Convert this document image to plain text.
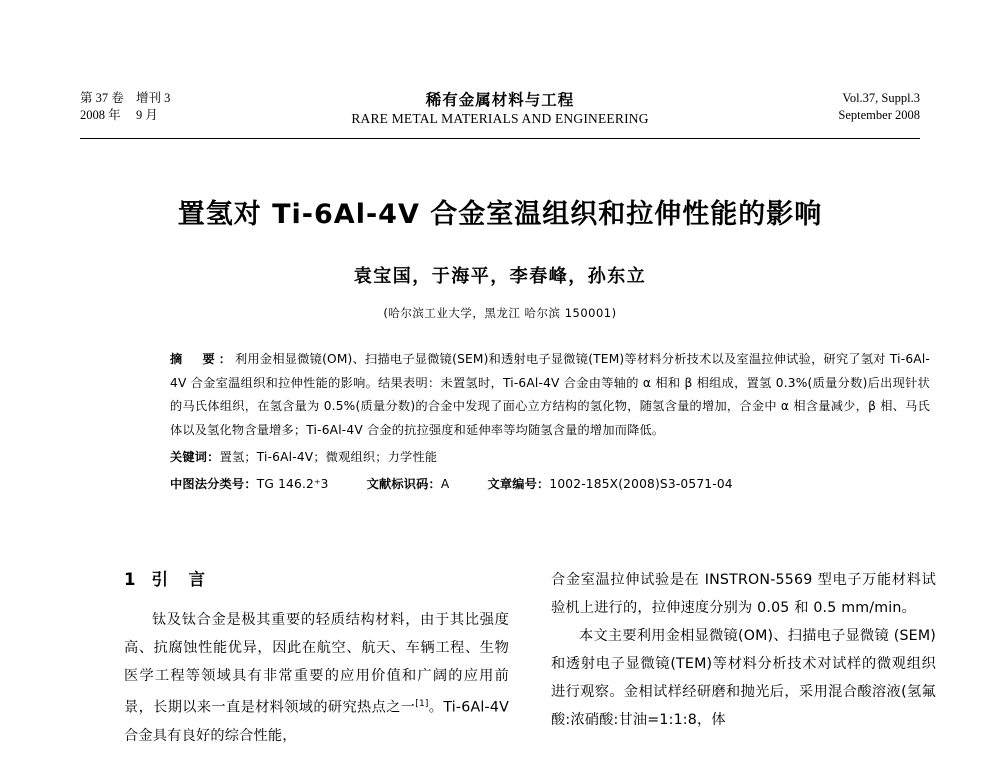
第 37 卷 增刊 3
2008 年 9 月
稀有金属材料与工程
RARE METAL MATERIALS AND ENGINEERING
Vol.37, Suppl.3
September 2008
置氢对 Ti-6Al-4V 合金室温组织和拉伸性能的影响
袁宝国，于海平，李春峰，孙东立
(哈尔滨工业大学，黑龙江 哈尔滨 150001)
摘　要：利用金相显微镜(OM)、扫描电子显微镜(SEM)和透射电子显微镜(TEM)等材料分析技术以及室温拉伸试验，研究了氢对 Ti-6Al-4V 合金室温组织和拉伸性能的影响。结果表明：未置氢时，Ti-6Al-4V 合金由等轴的 α 相和 β 相组成，置氢 0.3%(质量分数)后出现针状的马氏体组织，在氢含量为 0.5%(质量分数)的合金中发现了面心立方结构的氢化物，随氢含量的增加，合金中 α 相含量减少，β 相、马氏体以及氢化物含量增多；Ti-6Al-4V 合金的抗拉强度和延伸率等均随氢含量的增加而降低。
关键词：置氢；Ti-6Al-4V；微观组织；力学性能
中图法分类号：TG 146.2⁺3	文献标识码：A	文章编号：1002-185X(2008)S3-0571-04
1 引　言
钛及钛合金是极其重要的轻质结构材料，由于其比强度高、抗腐蚀性能优异，因此在航空、航天、车辆工程、生物医学工程等领域具有非常重要的应用价值和广阔的应用前景，长期以来一直是材料领域的研究热点之一[1]。Ti-6Al-4V 合金具有良好的综合性能，
合金室温拉伸试验是在 INSTRON-5569 型电子万能材料试验机上进行的，拉伸速度分别为 0.05 和 0.5 mm/min。
本文主要利用金相显微镜(OM)、扫描电子显微镜 (SEM)和透射电子显微镜(TEM)等材料分析技术对试样的微观组织进行观察。金相试样经研磨和抛光后，采用混合酸溶液(氢氟酸:浓硝酸:甘油=1:1:8，体
